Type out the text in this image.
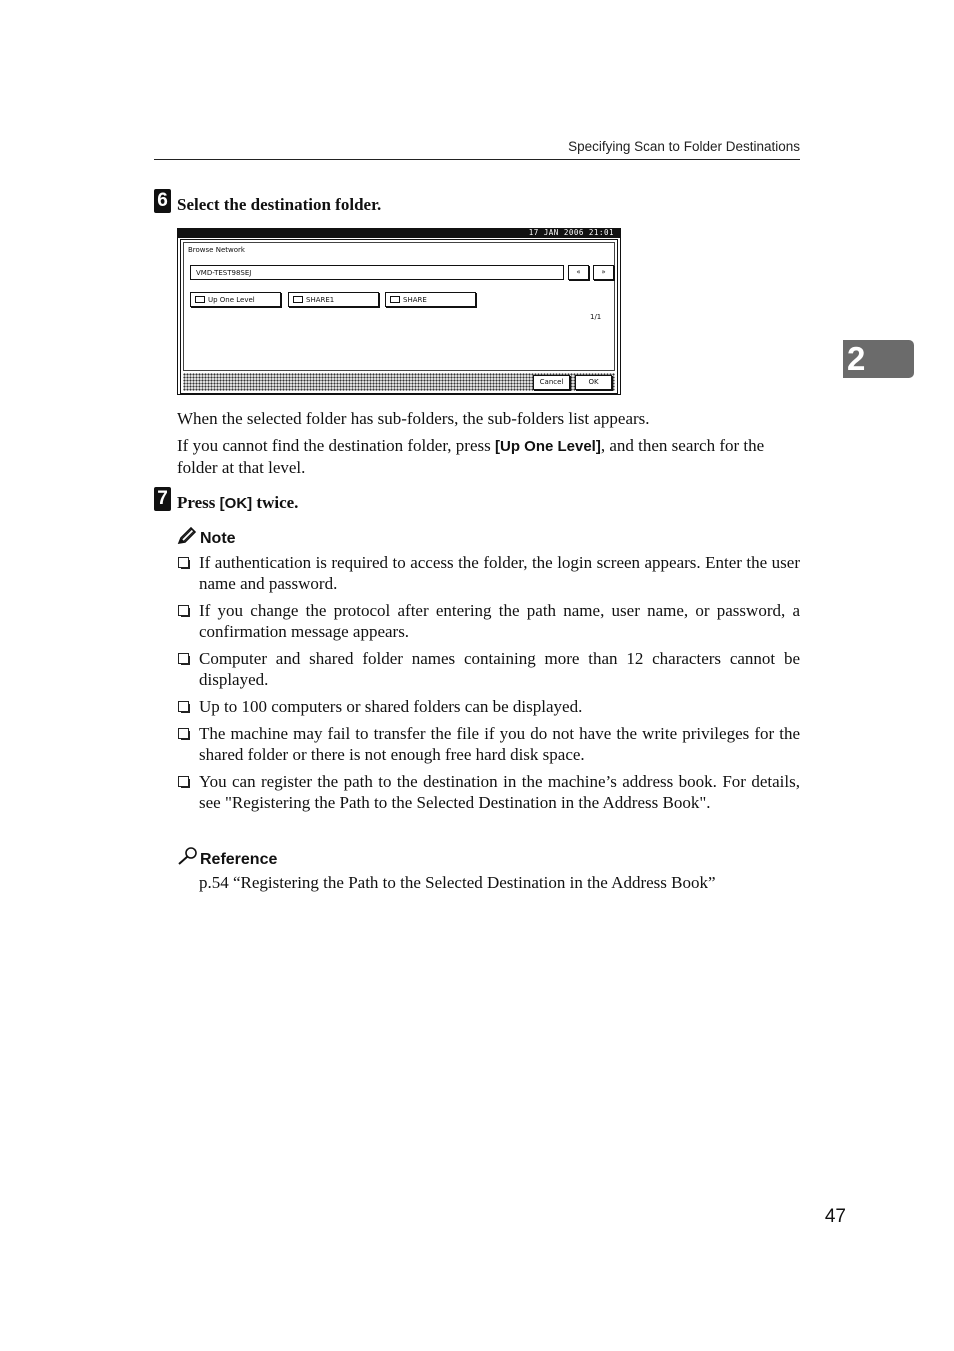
Specifying Scan to Folder Destinations
2
6 Select the destination folder.
17 JAN 2006 21:01
Browse Network
VMD-TEST98SEJ	«	»
Up One Level	SHARE1	SHARE
1/1
Cancel	OK
When the selected folder has sub-folders, the sub-folders list appears.
If you cannot find the destination folder, press [Up One Level], and then search for the folder at that level.
7 Press [OK] twice.
Note
If authentication is required to access the folder, the login screen appears. Enter the user name and password.
If you change the protocol after entering the path name, user name, or password, a confirmation message appears.
Computer and shared folder names containing more than 12 characters cannot be displayed.
Up to 100 computers or shared folders can be displayed.
The machine may fail to transfer the file if you do not have the write privileges for the shared folder or there is not enough free hard disk space.
You can register the path to the destination in the machine’s address book. For details, see "Registering the Path to the Selected Destination in the Address Book".
Reference
p.54 “Registering the Path to the Selected Destination in the Address Book”
47
